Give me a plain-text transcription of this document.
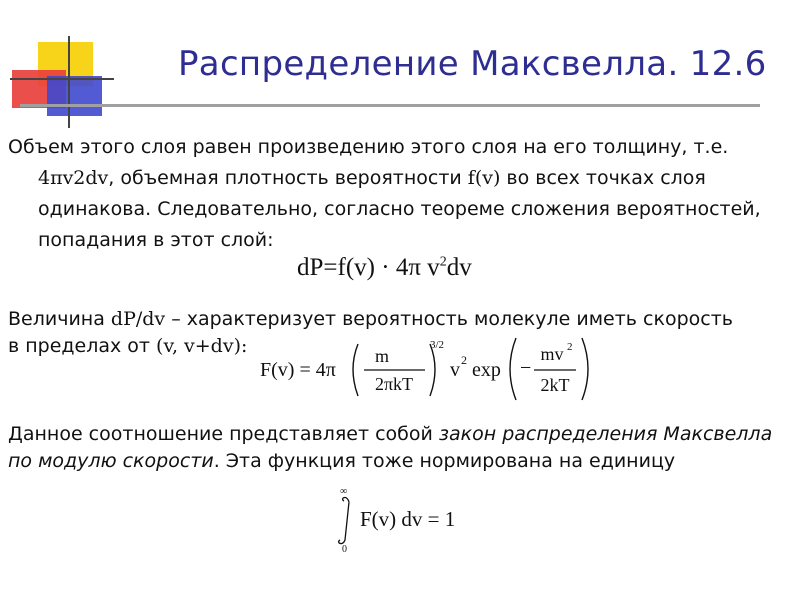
Распределение Максвелла. 12.6
Объем этого слоя равен произведению этого слоя на его толщину, т.е.
4πv2dv, объемная плотность вероятности f(v) во всех точках слоя
одинакова. Следовательно, согласно теореме сложения вероятностей,
попадания в этот слой:
dP=f(v) · 4π $v^2dv$
Величина dP/dv – характеризует вероятность молекуле иметь скорость
в пределах от (v, v+dv):
F(v) = 4π
m
2πkT
3/2
v 2 exp −
mv 2
2kT
Данное соотношение представляет собой закон распределения Максвелла
по модулю скорости. Эта функция тоже нормирована на единицу
∞
0
F(v) dv = 1
